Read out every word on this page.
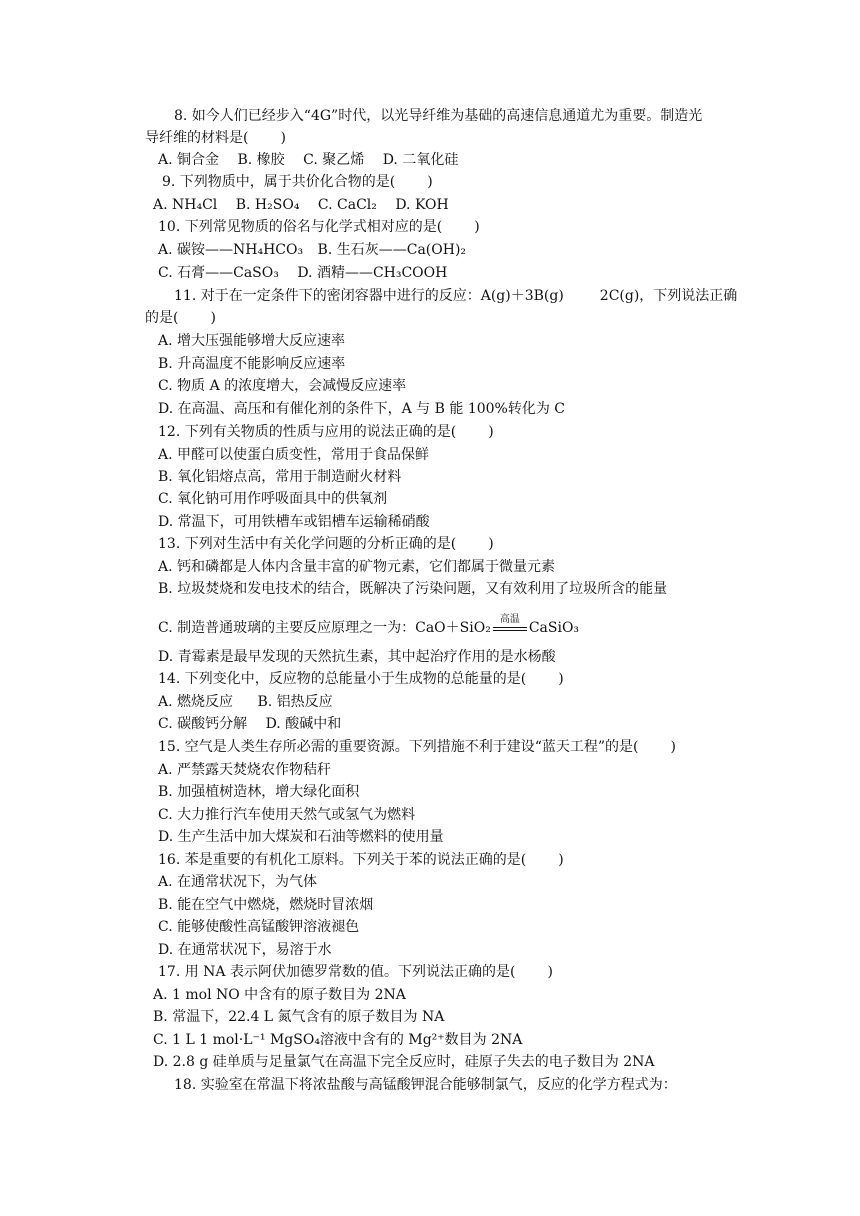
8. 如今人们已经步入“4G”时代，以光导纤维为基础的高速信息通道尤为重要。制造光
导纤维的材料是( )
A. 铜合金 B. 橡胶 C. 聚乙烯 D. 二氧化硅
9. 下列物质中，属于共价化合物的是( )
A. NH₄Cl B. H₂SO₄ C. CaCl₂ D. KOH
10. 下列常见物质的俗名与化学式相对应的是( )
A. 碳铵——NH₄HCO₃ B. 生石灰——Ca(OH)₂
C. 石膏——CaSO₃ D. 酒精——CH₃COOH
11. 对于在一定条件下的密闭容器中进行的反应：A(g)＋3B(g)	2C(g)，下列说法正确
的是( )
A. 增大压强能够增大反应速率
B. 升高温度不能影响反应速率
C. 物质 A 的浓度增大，会减慢反应速率
D. 在高温、高压和有催化剂的条件下，A 与 B 能 100%转化为 C
12. 下列有关物质的性质与应用的说法正确的是( )
A. 甲醛可以使蛋白质变性，常用于食品保鲜
B. 氧化铝熔点高，常用于制造耐火材料
C. 氧化钠可用作呼吸面具中的供氧剂
D. 常温下，可用铁槽车或铝槽车运输稀硝酸
13. 下列对生活中有关化学问题的分析正确的是( )
A. 钙和磷都是人体内含量丰富的矿物元素，它们都属于微量元素
B. 垃圾焚烧和发电技术的结合，既解决了污染问题，又有效利用了垃圾所含的能量
C. 制造普通玻璃的主要反应原理之一为：CaO＋SiO₂
高温
CaSiO₃
D. 青霉素是最早发现的天然抗生素，其中起治疗作用的是水杨酸
14. 下列变化中，反应物的总能量小于生成物的总能量的是( )
A. 燃烧反应 B. 铝热反应
C. 碳酸钙分解 D. 酸碱中和
15. 空气是人类生存所必需的重要资源。下列措施不利于建设“蓝天工程”的是( )
A. 严禁露天焚烧农作物秸秆
B. 加强植树造林，增大绿化面积
C. 大力推行汽车使用天然气或氢气为燃料
D. 生产生活中加大煤炭和石油等燃料的使用量
16. 苯是重要的有机化工原料。下列关于苯的说法正确的是( )
A. 在通常状况下，为气体
B. 能在空气中燃烧，燃烧时冒浓烟
C. 能够使酸性高锰酸钾溶液褪色
D. 在通常状况下，易溶于水
17. 用 NA 表示阿伏加德罗常数的值。下列说法正确的是( )
A. 1 mol NO 中含有的原子数目为 2NA
B. 常温下，22.4 L 氮气含有的原子数目为 NA
C. 1 L 1 mol·L⁻¹ MgSO₄溶液中含有的 Mg²⁺数目为 2NA
D. 2.8 g 硅单质与足量氯气在高温下完全反应时，硅原子失去的电子数目为 2NA
18. 实验室在常温下将浓盐酸与高锰酸钾混合能够制氯气，反应的化学方程式为：
